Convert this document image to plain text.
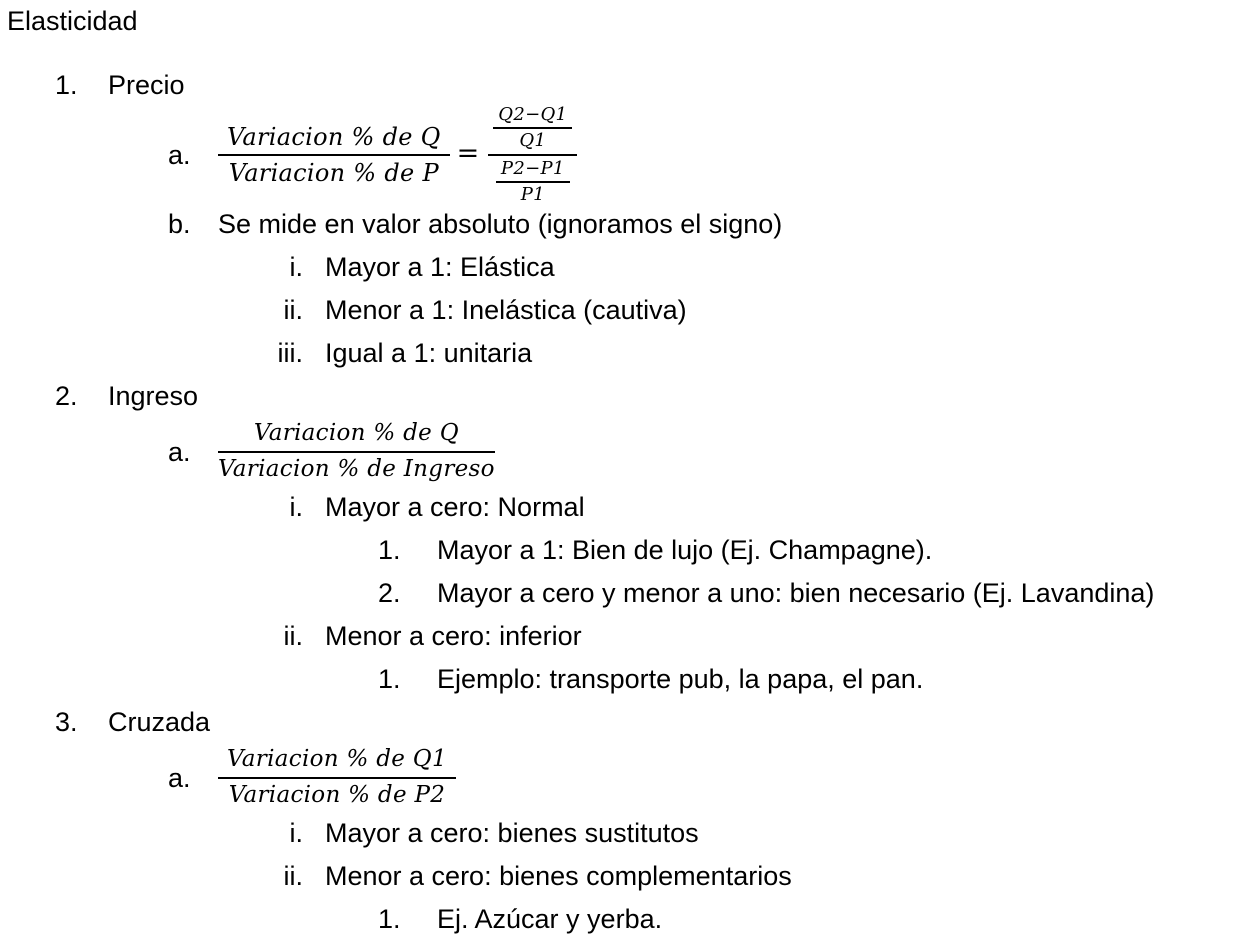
Elasticidad
1.	Precio
a.	$\frac{\text{Variacion \% de Q}}{\text{Variacion \% de P}} = \frac{\frac{Q2-Q1}{Q1}}{\frac{P2-P1}{P1}}$
b.	Se mide en valor absoluto (ignoramos el signo)
i. Mayor a 1: Elástica
ii. Menor a 1: Inelástica (cautiva)
iii. Igual a 1: unitaria
2.	Ingreso
a.	$\frac{\text{Variacion \% de Q}}{\text{Variacion \% de Ingreso}}$
i. Mayor a cero: Normal
1.	Mayor a 1: Bien de lujo (Ej. Champagne).
2.	Mayor a cero y menor a uno: bien necesario (Ej. Lavandina)
ii. Menor a cero: inferior
1.	Ejemplo: transporte pub, la papa, el pan.
3.	Cruzada
a.	$\frac{\text{Variacion \% de Q1}}{\text{Variacion \% de P2}}$
i. Mayor a cero: bienes sustitutos
ii. Menor a cero: bienes complementarios
1.	Ej. Azúcar y yerba.
